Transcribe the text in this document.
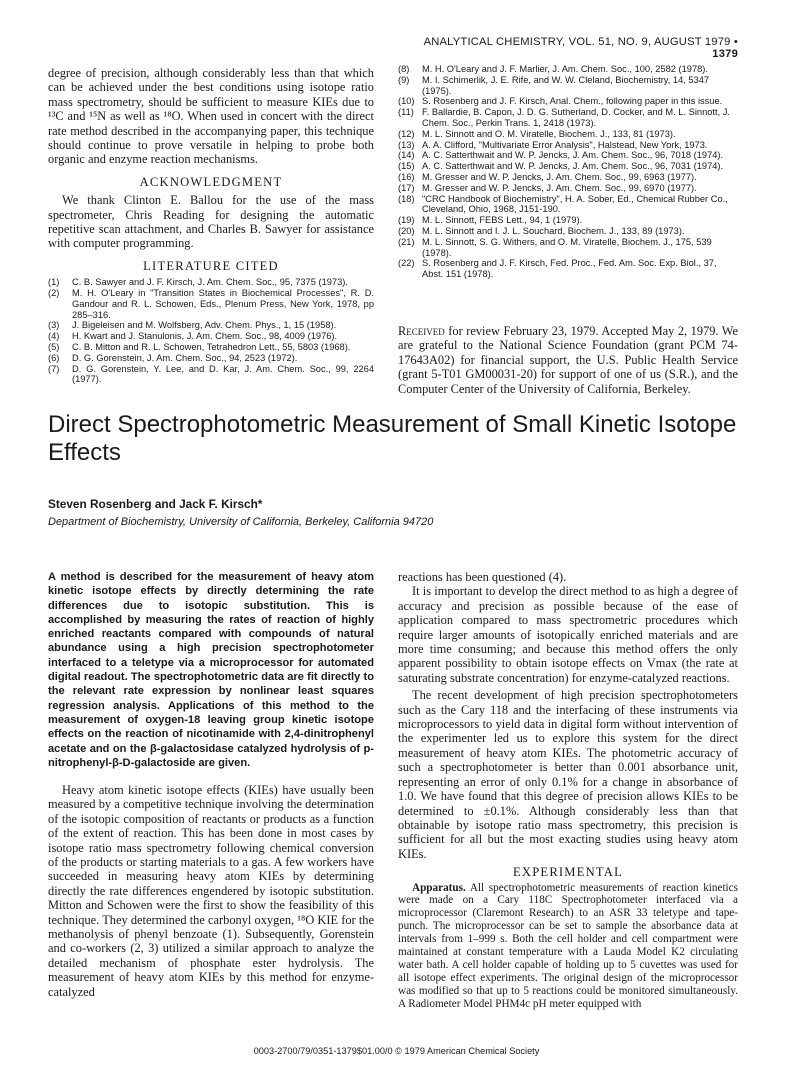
ANALYTICAL CHEMISTRY, VOL. 51, NO. 9, AUGUST 1979 • 1379

degree of precision, although considerably less than that which can be achieved under the best conditions using isotope ratio mass spectrometry, should be sufficient to measure KIEs due to ¹³C and ¹⁵N as well as ¹⁸O. When used in concert with the direct rate method described in the accompanying paper, this technique should continue to prove versatile in helping to probe both organic and enzyme reaction mechanisms.

ACKNOWLEDGMENT

We thank Clinton E. Ballou for the use of the mass spectrometer, Chris Reading for designing the automatic repetitive scan attachment, and Charles B. Sawyer for assistance with computer programming.

LITERATURE CITED
(1)	C. B. Sawyer and J. F. Kirsch, J. Am. Chem. Soc., 95, 7375 (1973).
(2)	M. H. O'Leary in "Transition States in Biochemical Processes", R. D. Gandour and R. L. Schowen, Eds., Plenum Press, New York, 1978, pp 285–316.
(3)	J. Bigeleisen and M. Wolfsberg, Adv. Chem. Phys., 1, 15 (1958).
(4)	H. Kwart and J. Stanulonis, J. Am. Chem. Soc., 98, 4009 (1976).
(5)	C. B. Mitton and R. L. Schowen, Tetrahedron Lett., 55, 5803 (1968).
(6)	D. G. Gorenstein, J. Am. Chem. Soc., 94, 2523 (1972).
(7)	D. G. Gorenstein, Y. Lee, and D. Kar, J. Am. Chem. Soc., 99, 2264 (1977).
(8)	M. H. O'Leary and J. F. Marlier, J. Am. Chem. Soc., 100, 2582 (1978).
(9)	M. I. Schimerlik, J. E. Rife, and W. W. Cleland, Biochemistry, 14, 5347 (1975).
(10) S. Rosenberg and J. F. Kirsch, Anal. Chem., following paper in this issue.
(11) F. Ballardie, B. Capon, J. D. G. Sutherland, D. Cocker, and M. L. Sinnott, J. Chem. Soc., Perkin Trans. 1, 2418 (1973).
(12) M. L. Sinnott and O. M. Viratelle, Biochem. J., 133, 81 (1973).
(13) A. A. Clifford, "Multivariate Error Analysis", Halstead, New York, 1973.
(14) A. C. Satterthwait and W. P. Jencks, J. Am. Chem. Soc., 96, 7018 (1974).
(15) A. C. Satterthwait and W. P. Jencks, J. Am. Chem. Soc., 96, 7031 (1974).
(16) M. Gresser and W. P. Jencks, J. Am. Chem. Soc., 99, 6963 (1977).
(17) M. Gresser and W. P. Jencks, J. Am. Chem. Soc., 99, 6970 (1977).
(18) "CRC Handbook of Biochemistry", H. A. Sober, Ed., Chemical Rubber Co., Cleveland, Ohio, 1968, J151-190.
(19) M. L. Sinnott, FEBS Lett., 94, 1 (1979).
(20) M. L. Sinnott and I. J. L. Souchard, Biochem. J., 133, 89 (1973).
(21) M. L. Sinnott, S. G. Withers, and O. M. Viratelle, Biochem. J., 175, 539 (1978).
(22) S. Rosenberg and J. F. Kirsch, Fed. Proc., Fed. Am. Soc. Exp. Biol., 37, Abst. 151 (1978).

Received for review February 23, 1979. Accepted May 2, 1979. We are grateful to the National Science Foundation (grant PCM 74-17643A02) for financial support, the U.S. Public Health Service (grant 5-T01 GM00031-20) for support of one of us (S.R.), and the Computer Center of the University of California, Berkeley.

Direct Spectrophotometric Measurement of Small Kinetic Isotope Effects
Steven Rosenberg and Jack F. Kirsch*
Department of Biochemistry, University of California, Berkeley, California 94720

A method is described for the measurement of heavy atom kinetic isotope effects by directly determining the rate differences due to isotopic substitution. This is accomplished by measuring the rates of reaction of highly enriched reactants compared with compounds of natural abundance using a high precision spectrophotometer interfaced to a teletype via a microprocessor for automated digital readout. The spectrophotometric data are fit directly to the relevant rate expression by nonlinear least squares regression analysis. Applications of this method to the measurement of oxygen-18 leaving group kinetic isotope effects on the reaction of nicotinamide with 2,4-dinitrophenyl acetate and on the β-galactosidase catalyzed hydrolysis of p-nitrophenyl-β-D-galactoside are given.

Heavy atom kinetic isotope effects (KIEs) have usually been measured by a competitive technique involving the determination of the isotopic composition of reactants or products as a function of the extent of reaction. This has been done in most cases by isotope ratio mass spectrometry following chemical conversion of the products or starting materials to a gas. A few workers have succeeded in measuring heavy atom KIEs by determining directly the rate differences engendered by isotopic substitution. Mitton and Schowen were the first to show the feasibility of this technique. They determined the carbonyl oxygen, ¹⁸O KIE for the methanolysis of phenyl benzoate (1). Subsequently, Gorenstein and co-workers (2, 3) utilized a similar approach to analyze the detailed mechanism of phosphate ester hydrolysis. The measurement of heavy atom KIEs by this method for enzyme-catalyzed

reactions has been questioned (4).

It is important to develop the direct method to as high a degree of accuracy and precision as possible because of the ease of application compared to mass spectrometric procedures which require larger amounts of isotopically enriched materials and are more time consuming; and because this method offers the only apparent possibility to obtain isotope effects on Vmax (the rate at saturating substrate concentration) for enzyme-catalyzed reactions.

The recent development of high precision spectrophotometers such as the Cary 118 and the interfacing of these instruments via microprocessors to yield data in digital form without intervention of the experimenter led us to explore this system for the direct measurement of heavy atom KIEs. The photometric accuracy of such a spectrophotometer is better than 0.001 absorbance unit, representing an error of only 0.1% for a change in absorbance of 1.0. We have found that this degree of precision allows KIEs to be determined to ±0.1%. Although considerably less than that obtainable by isotope ratio mass spectrometry, this precision is sufficient for all but the most exacting studies using heavy atom KIEs.

EXPERIMENTAL

Apparatus. All spectrophotometric measurements of reaction kinetics were made on a Cary 118C Spectrophotometer interfaced via a microprocessor (Claremont Research) to an ASR 33 teletype and tape-punch. The microprocessor can be set to sample the absorbance data at intervals from 1–999 s. Both the cell holder and cell compartment were maintained at constant temperature with a Lauda Model K2 circulating water bath. A cell holder capable of holding up to 5 cuvettes was used for all isotope effect experiments. The original design of the microprocessor was modified so that up to 5 reactions could be monitored simultaneously. A Radiometer Model PHM4c pH meter equipped with

0003-2700/79/0351-1379$01.00/0 © 1979 American Chemical Society
